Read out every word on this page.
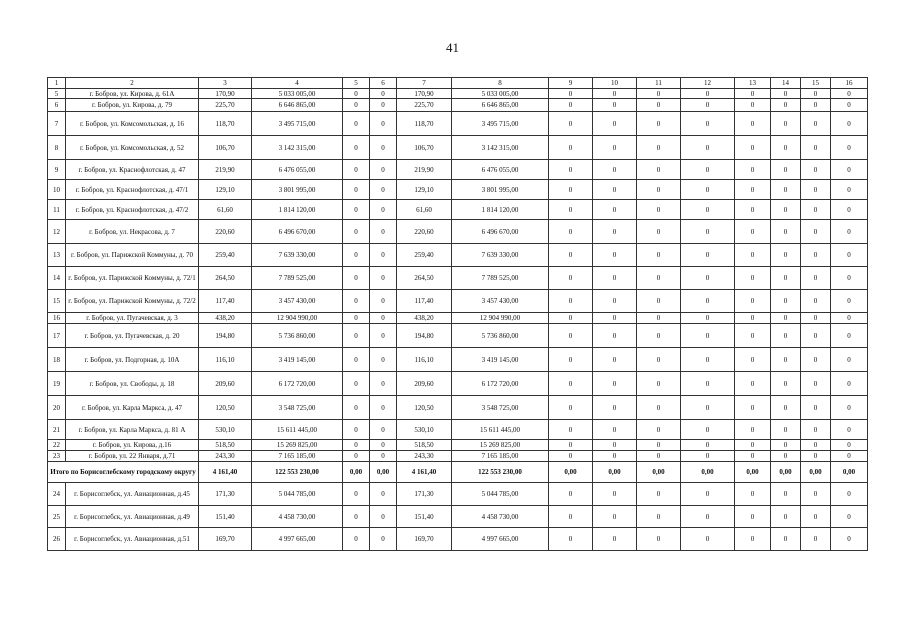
41
1	2	3	4	5	6	7	8	9	10	11	12	13	14	15	16
5	г. Бобров, ул. Кирова, д. 61А	170,90	5 033 005,00	0	0	170,90	5 033 005,00	0	0	0	0	0	0	0	0
6	г. Бобров, ул. Кирова, д. 79	225,70	6 646 865,00	0	0	225,70	6 646 865,00	0	0	0	0	0	0	0	0
7	г. Бобров, ул. Комсомольская, д. 16	118,70	3 495 715,00	0	0	118,70	3 495 715,00	0	0	0	0	0	0	0	0
8	г. Бобров, ул. Комсомольская, д. 52	106,70	3 142 315,00	0	0	106,70	3 142 315,00	0	0	0	0	0	0	0	0
9	г. Бобров, ул. Краснофлотская, д. 47	219,90	6 476 055,00	0	0	219,90	6 476 055,00	0	0	0	0	0	0	0	0
10	г. Бобров, ул. Краснофлотская, д. 47/1	129,10	3 801 995,00	0	0	129,10	3 801 995,00	0	0	0	0	0	0	0	0
11	г. Бобров, ул. Краснофлотская, д. 47/2	61,60	1 814 120,00	0	0	61,60	1 814 120,00	0	0	0	0	0	0	0	0
12	г. Бобров, ул. Некрасова, д. 7	220,60	6 496 670,00	0	0	220,60	6 496 670,00	0	0	0	0	0	0	0	0
13	г. Бобров, ул. Парижской Коммуны, д. 70	259,40	7 639 330,00	0	0	259,40	7 639 330,00	0	0	0	0	0	0	0	0
14	г. Бобров, ул. Парижской Коммуны, д. 72/1	264,50	7 789 525,00	0	0	264,50	7 789 525,00	0	0	0	0	0	0	0	0
15	г. Бобров, ул. Парижской Коммуны, д. 72/2	117,40	3 457 430,00	0	0	117,40	3 457 430,00	0	0	0	0	0	0	0	0
16	г. Бобров, ул. Пугачевская, д. 3	438,20	12 904 990,00	0	0	438,20	12 904 990,00	0	0	0	0	0	0	0	0
17	г. Бобров, ул. Пугачевская, д. 20	194,80	5 736 860,00	0	0	194,80	5 736 860,00	0	0	0	0	0	0	0	0
18	г. Бобров, ул. Подгорная, д. 10А	116,10	3 419 145,00	0	0	116,10	3 419 145,00	0	0	0	0	0	0	0	0
19	г. Бобров, ул. Свободы, д. 18	209,60	6 172 720,00	0	0	209,60	6 172 720,00	0	0	0	0	0	0	0	0
20	г. Бобров, ул. Карла Маркса, д. 47	120,50	3 548 725,00	0	0	120,50	3 548 725,00	0	0	0	0	0	0	0	0
21	г. Бобров, ул. Карла Маркса, д. 81 А	530,10	15 611 445,00	0	0	530,10	15 611 445,00	0	0	0	0	0	0	0	0
22	г. Бобров, ул. Кирова, д.16	518,50	15 269 825,00	0	0	518,50	15 269 825,00	0	0	0	0	0	0	0	0
23	г. Бобров, ул. 22 Января, д.71	243,30	7 165 185,00	0	0	243,30	7 165 185,00	0	0	0	0	0	0	0	0
Итого по Борисоглебскому городскому округу		4 161,40	122 553 230,00	0,00	0,00	4 161,40	122 553 230,00	0,00	0,00	0,00	0,00	0,00	0,00	0,00	0,00
24	г. Борисоглебск, ул. Авиационная, д.45	171,30	5 044 785,00	0	0	171,30	5 044 785,00	0	0	0	0	0	0	0	0
25	г. Борисоглебск, ул. Авиационная, д.49	151,40	4 458 730,00	0	0	151,40	4 458 730,00	0	0	0	0	0	0	0	0
26	г. Борисоглебск, ул. Авиационная, д.51	169,70	4 997 665,00	0	0	169,70	4 997 665,00	0	0	0	0	0	0	0	0
